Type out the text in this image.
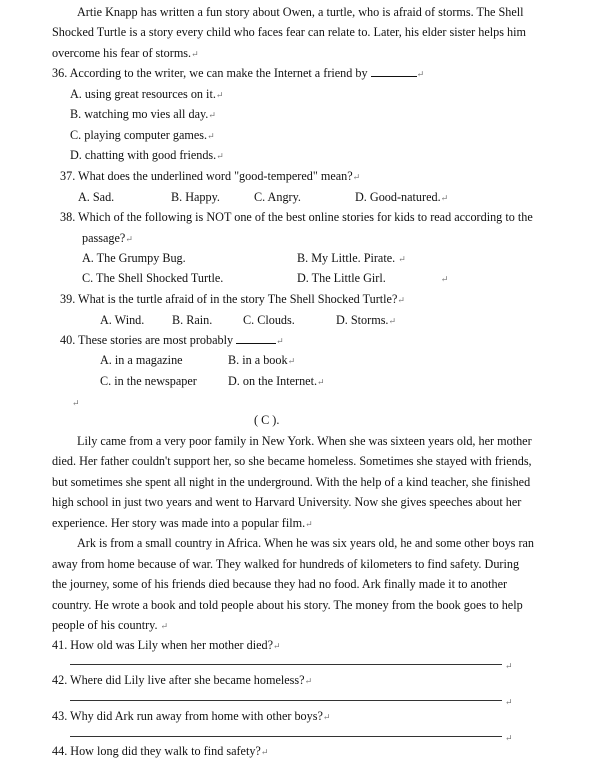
Artie Knapp has written a fun story about Owen, a turtle, who is afraid of storms. The Shell
Shocked Turtle is a story every child who faces fear can relate to. Later, his elder sister helps him
overcome his fear of storms.↵
36. According to the writer, we can make the Internet a friend by	↵
A. using great resources on it.↵
B. watching mo vies all day.↵
C. playing computer games.↵
D. chatting with good friends.↵
37. What does the underlined word "good-tempered" mean?↵
A. Sad.	B. Happy.	C. Angry.	D. Good-natured.↵
38. Which of the following is NOT one of the best online stories for kids to read according to the
passage?↵
A. The Grumpy Bug.	B. My Little. Pirate. ↵
C. The Shell Shocked Turtle.	D. The Little Girl.	↵
39. What is the turtle afraid of in the story The Shell Shocked Turtle?↵
A. Wind. B. Rain.	C. Clouds.	D. Storms.↵
40. These stories are most probably	↵
A. in a magazine	B. in a book↵
C. in the newspaper	D. on the Internet.↵
↵
( C ).
Lily came from a very poor family in New York. When she was sixteen years old, her mother
died. Her father couldn't support her, so she became homeless. Sometimes she stayed with friends,
but sometimes she spent all night in the underground. With the help of a kind teacher, she finished
high school in just two years and went to Harvard University. Now she gives speeches about her
experience. Her story was made into a popular film.↵
Ark is from a small country in Africa. When he was six years old, he and some other boys ran
away from home because of war. They walked for hundreds of kilometers to find safety. During
the journey, some of his friends died because they had no food. Ark finally made it to another
country. He wrote a book and told people about his story. The money from the book goes to help
people of his country. ↵
41. How old was Lily when her mother died?↵
↵
42. Where did Lily live after she became homeless?↵
↵
43. Why did Ark run away from home with other boys?↵
↵
44. How long did they walk to find safety?↵
